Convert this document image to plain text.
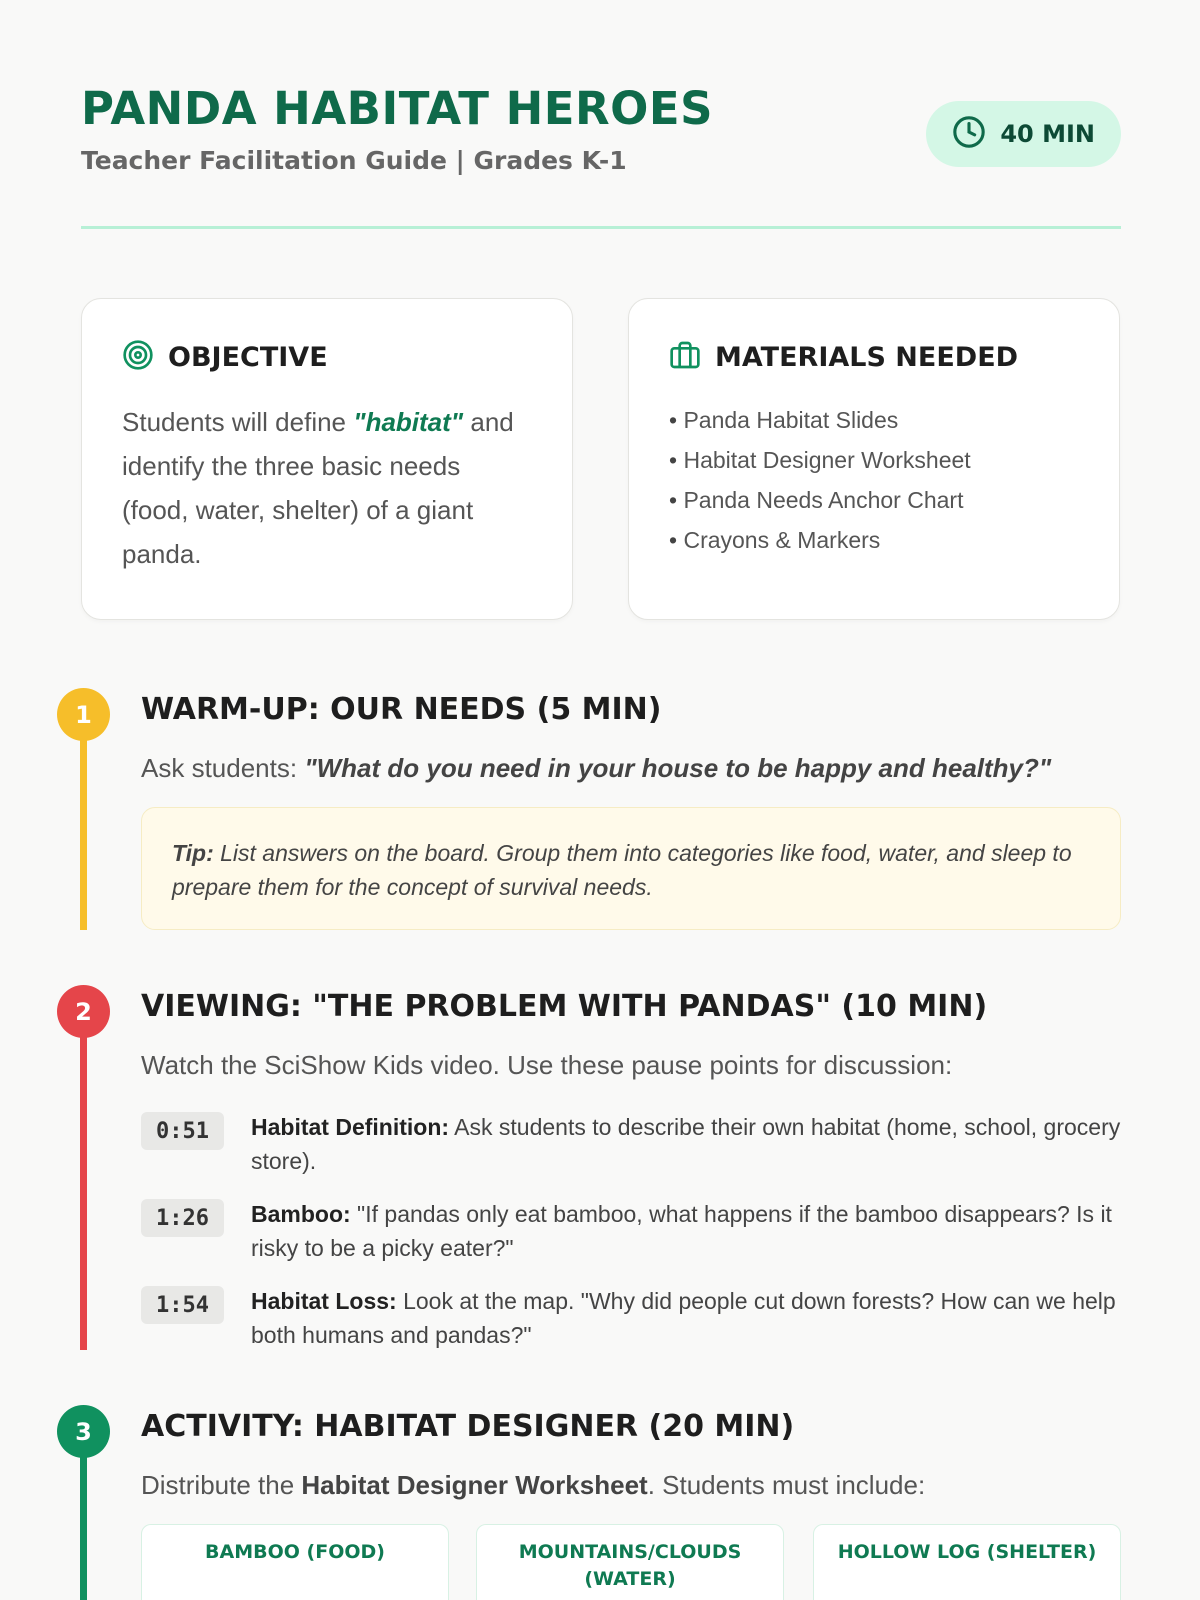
PANDA HABITAT HEROES
Teacher Facilitation Guide | Grades K-1
40 MIN
OBJECTIVE

Students will define "habitat" and identify the three basic needs (food, water, shelter) of a giant panda.

MATERIALS NEEDED
• Panda Habitat Slides
• Habitat Designer Worksheet
• Panda Needs Anchor Chart
• Crayons & Markers
1	WARM-UP: OUR NEEDS (5 MIN)
Ask students: "What do you need in your house to be happy and healthy?"
Tip: List answers on the board. Group them into categories like food, water, and sleep to prepare them for the concept of survival needs.
2	VIEWING: "THE PROBLEM WITH PANDAS" (10 MIN)
Watch the SciShow Kids video. Use these pause points for discussion:
0:51	Habitat Definition: Ask students to describe their own habitat (home, school, grocery store).
1:26	Bamboo: "If pandas only eat bamboo, what happens if the bamboo disappears? Is it risky to be a picky eater?"
1:54	Habitat Loss: Look at the map. "Why did people cut down forests? How can we help both humans and pandas?"
3	ACTIVITY: HABITAT DESIGNER (20 MIN)
Distribute the Habitat Designer Worksheet. Students must include:
BAMBOO (FOOD)	MOUNTAINS/CLOUDS (WATER)
HOLLOW LOG (SHELTER)
